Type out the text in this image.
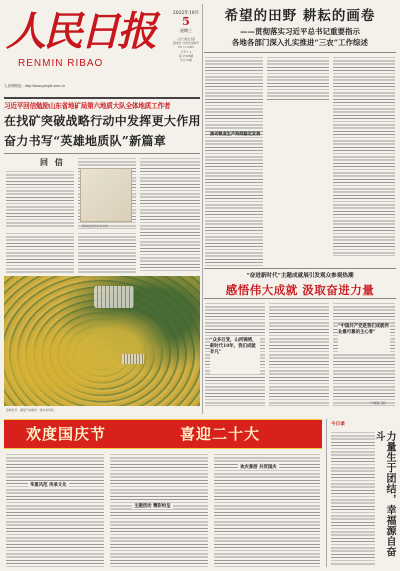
人民日报
RENMIN RIBAO
人民网网址：http://www.people.com.cn
2022年10月
5
星期三
人民日报社出版
国内统一连续出版物号
CN 11-0065
代号 1-1
第 27288期
今日 20版
希望的田野 耕耘的画卷
——贯彻落实习近平总书记重要指示
各地各部门深入扎实推进“三农”工作综述
推动粮食生产持续稳定发展
习近平回信勉励山东省地矿局第六地质大队全体地质工作者
在找矿突破战略行动中发挥更大作用
奋力书写“英雄地质队”新篇章
回 信
新华社北京10月4日电
金秋时节，湖南千亩梯田一派丰收景象。
“奋进新时代”主题成就展引发观众参观热潮
感悟伟大成就 汲取奋进力量
“众多巨变，山河锦绣，新时代10年，我们成就非凡”
“中国共产党是我们成就伟业最可靠的主心骨”
（下转第三版）
欢度国庆节	喜迎二十大
华夏风范 传承文化
主题活动 精彩纷呈
欢庆喜游 共贺国庆
今日谈
力量生于团结，幸福源自奋斗
